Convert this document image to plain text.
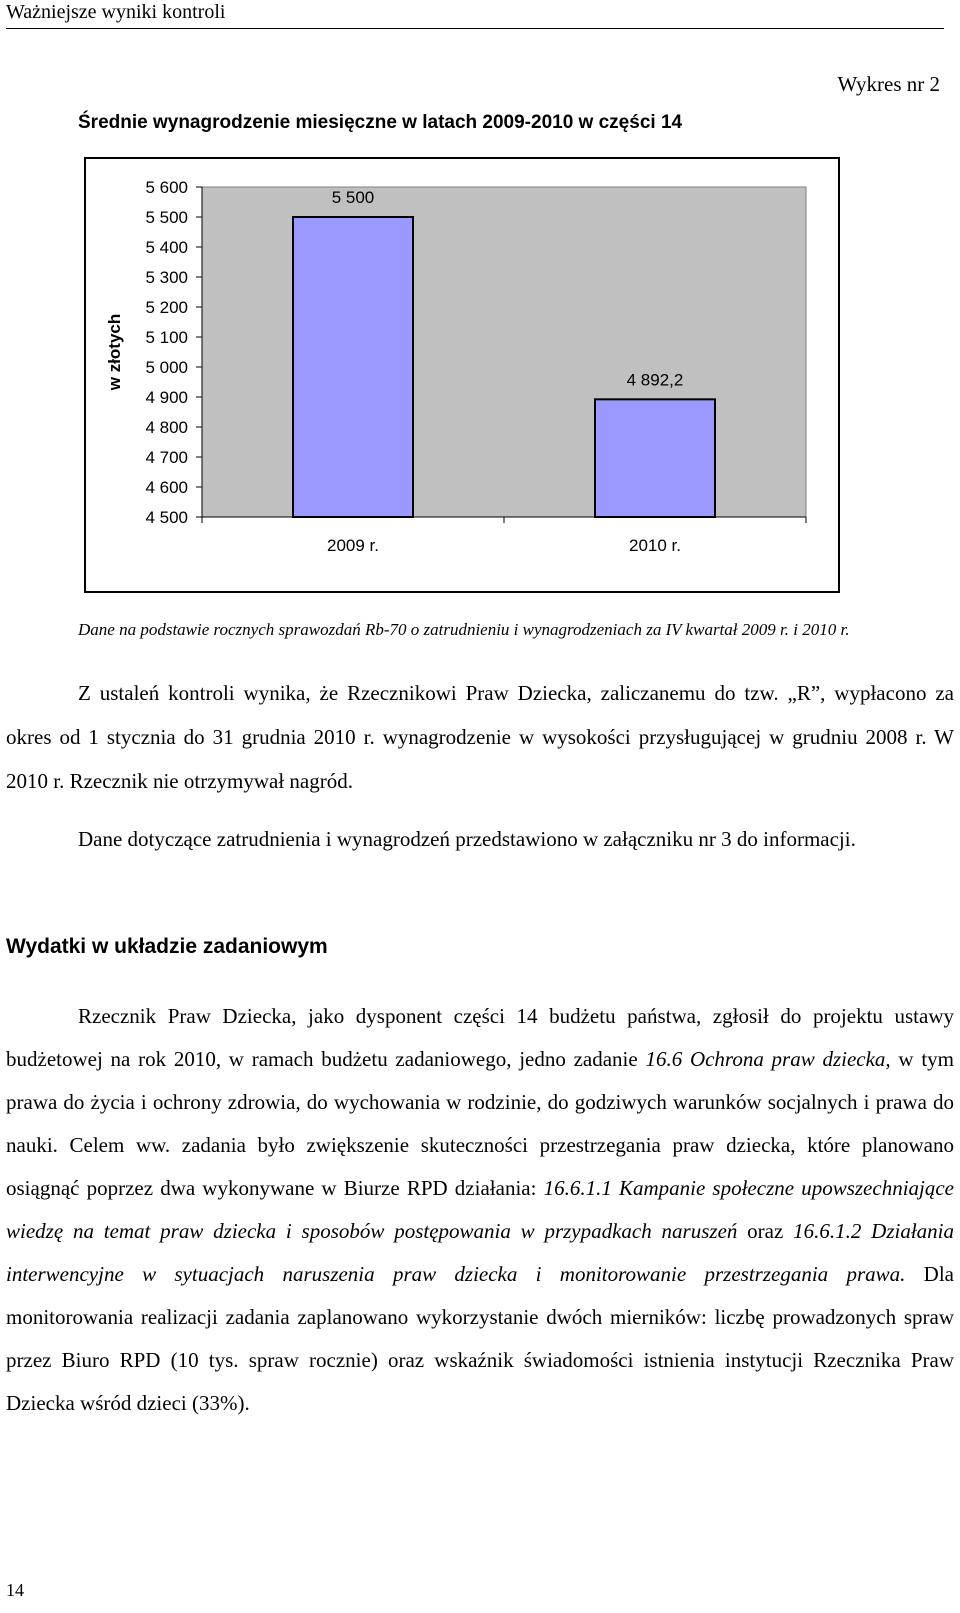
Ważniejsze wyniki kontroli
Wykres nr 2
Średnie wynagrodzenie miesięczne w latach 2009-2010 w części 14
4 500
4 600
4 700
4 800
4 900
5 000
5 100
5 200
5 300
5 400
5 500
5 600
w złotych
5 500
2009 r.
4 892,2
2010 r.
Dane na podstawie rocznych sprawozdań Rb-70 o zatrudnieniu i wynagrodzeniach za IV kwartał 2009 r. i 2010 r.

Z ustaleń kontroli wynika, że Rzecznikowi Praw Dziecka, zaliczanemu do tzw. „R”, wypłacono za okres od 1 stycznia do 31 grudnia 2010 r. wynagrodzenie w wysokości przysługującej w grudniu 2008 r. W 2010 r. Rzecznik nie otrzymywał nagród.

Dane dotyczące zatrudnienia i wynagrodzeń przedstawiono w załączniku nr 3 do informacji.

Wydatki w układzie zadaniowym

Rzecznik Praw Dziecka, jako dysponent części 14 budżetu państwa, zgłosił do projektu ustawy budżetowej na rok 2010, w ramach budżetu zadaniowego, jedno zadanie 16.6 Ochrona praw dziecka, w tym prawa do życia i ochrony zdrowia, do wychowania w rodzinie, do godziwych warunków socjalnych i prawa do nauki. Celem ww. zadania było zwiększenie skuteczności przestrzegania praw dziecka, które planowano osiągnąć poprzez dwa wykonywane w Biurze RPD działania: 16.6.1.1 Kampanie społeczne upowszechniające wiedzę na temat praw dziecka i sposobów postępowania w przypadkach naruszeń oraz 16.6.1.2 Działania interwencyjne w sytuacjach naruszenia praw dziecka i monitorowanie przestrzegania prawa. Dla monitorowania realizacji zadania zaplanowano wykorzystanie dwóch mierników: liczbę prowadzonych spraw przez Biuro RPD (10 tys. spraw rocznie) oraz wskaźnik świadomości istnienia instytucji Rzecznika Praw Dziecka wśród dzieci (33%).

14
